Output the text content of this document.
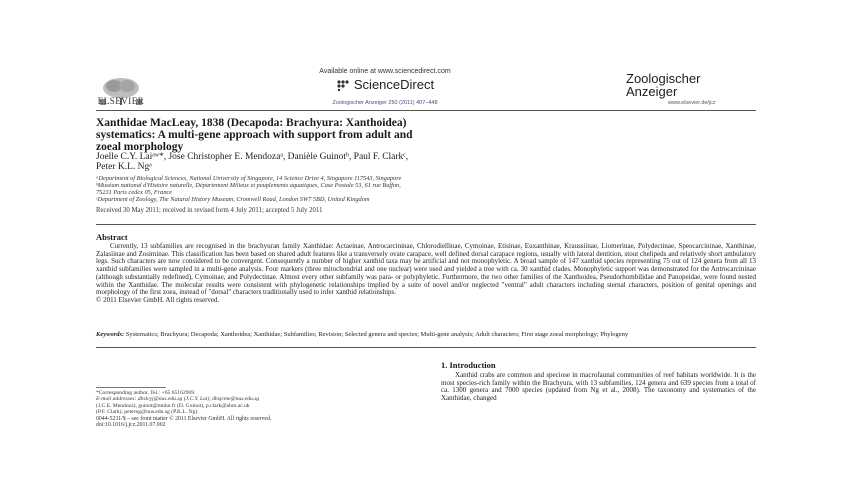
ELSEVIER
Available online at www.sciencedirect.com
ScienceDirect
Zoologischer Anzeiger 250 (2011) 407–448
Zoologischer
Anzeiger
www.elsevier.de/jcz
Xanthidae MacLeay, 1838 (Decapoda: Brachyura: Xanthoidea)
systematics: A multi-gene approach with support from adult and
zoeal morphology
Joelle C.Y. Laiᵃʷ*, Jose Christopher E. Mendozaᵃ, Danièle Guinotᵇ, Paul F. Clarkᶜ,
Peter K.L. Ngᵃ
ᵃDepartment of Biological Sciences, National University of Singapore, 14 Science Drive 4, Singapore 117543, Singapore
ᵇMuséum national d'Histoire naturelle, Département Milieux et peuplements aquatiques, Case Postale 53, 61 rue Buffon,
75231 Paris cedex 05, France
ᶜDepartment of Zoology, The Natural History Museum, Cromwell Road, London SW7 5BD, United Kingdom
Received 30 May 2011; received in revised form 4 July 2011; accepted 5 July 2011
Abstract

Currently, 13 subfamilies are recognised in the brachyuran family Xanthidae: Actaeinae, Antrocarcininae, Chlorodiellinae, Cymoinae, Etisinae, Euxanthinae, Kraussiinae, Liomerinae, Polydectinae, Speocarcininae, Xanthinae, Zalasiinae and Zosiminae. This classification has been based on shared adult features like a transversely ovate carapace, well defined dorsal carapace regions, usually with lateral dentition, stout chelipeds and relatively short ambulatory legs. Such characters are now considered to be convergent. Consequently a number of higher xanthid taxa may be artificial and not monophyletic. A broad sample of 147 xanthid species representing 75 out of 124 genera from all 13 xanthid subfamilies were sampled in a multi-gene analysis. Four markers (three mitochondrial and one nuclear) were used and yielded a tree with ca. 30 xanthid clades. Monophyletic support was demonstrated for the Antrocarcininae (although substantially redefined), Cymoinae, and Polydectinae. Almost every other subfamily was para- or polyphyletic. Furthermore, the two other families of the Xanthoidea, Pseudorhombilidae and Panopeidae, were found nested within the Xanthidae. The molecular results were consistent with phylogenetic relationships implied by a suite of novel and/or neglected "ventral" adult characters including sternal characters, position of genital openings and morphology of the first zoea, instead of "dorsal" characters traditionally used to infer xanthid relationships.

© 2011 Elsevier GmbH. All rights reserved.
Keywords: Systematics; Brachyura; Decapoda; Xanthoidea; Xanthidae; Subfamilies; Revision; Selected genera and species; Multi-gene analysis; Adult characters; First stage zoeal morphology; Phylogeny
*Corresponding author. Tel.: +65 65162969.
E-mail addresses: dbslcyj@nus.edu.sg (J.C.Y. Lai), dbsjcme@nus.edu.sg
(J.C.E. Mendoza), guinot@mnhn.fr (D. Guinot), p.clark@nhm.ac.uk
(P.F. Clark), peterng@nus.edu.sg (P.K.L. Ng).
0044-5231/$ – see front matter © 2011 Elsevier GmbH. All rights reserved.
doi:10.1016/j.jcz.2011.07.002
1. Introduction

Xanthid crabs are common and speciose in macrofaunal communities of reef habitats worldwide. It is the most species-rich family within the Brachyura, with 13 subfamilies, 124 genera and 639 species from a total of ca. 1300 genera and 7000 species (updated from Ng et al., 2008). The taxonomy and systematics of the Xanthidae, changed
